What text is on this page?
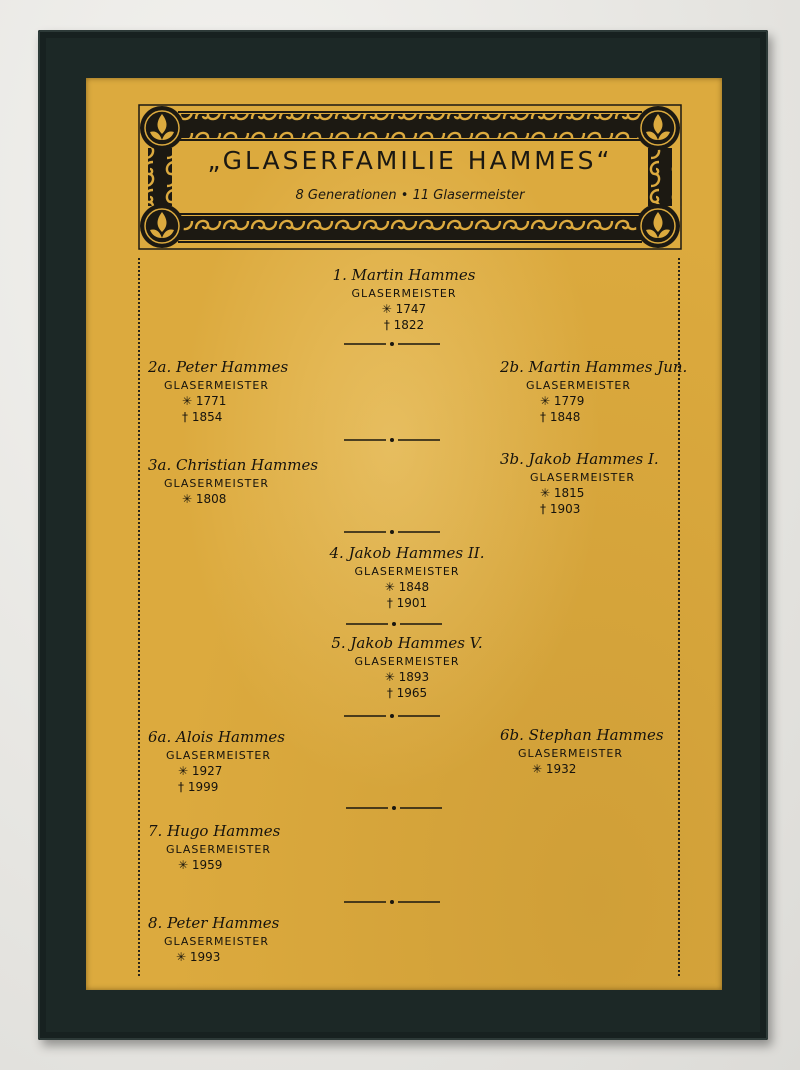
„GLASERFAMILIE HAMMES“
8 Generationen • 11 Glasermeister
1. Martin Hammes
GLASERMEISTER
✳ 1747
† 1822
2a. Peter Hammes
GLASERMEISTER
✳ 1771
† 1854
2b. Martin Hammes Jun.
GLASERMEISTER
✳ 1779
† 1848
3a. Christian Hammes
GLASERMEISTER
✳ 1808
3b. Jakob Hammes I.
GLASERMEISTER
✳ 1815
† 1903
4. Jakob Hammes II.
GLASERMEISTER
✳ 1848
† 1901
5. Jakob Hammes V.
GLASERMEISTER
✳ 1893
† 1965
6a. Alois Hammes
GLASERMEISTER
✳ 1927
† 1999
6b. Stephan Hammes
GLASERMEISTER
✳ 1932
7. Hugo Hammes
GLASERMEISTER
✳ 1959
8. Peter Hammes
GLASERMEISTER
✳ 1993
